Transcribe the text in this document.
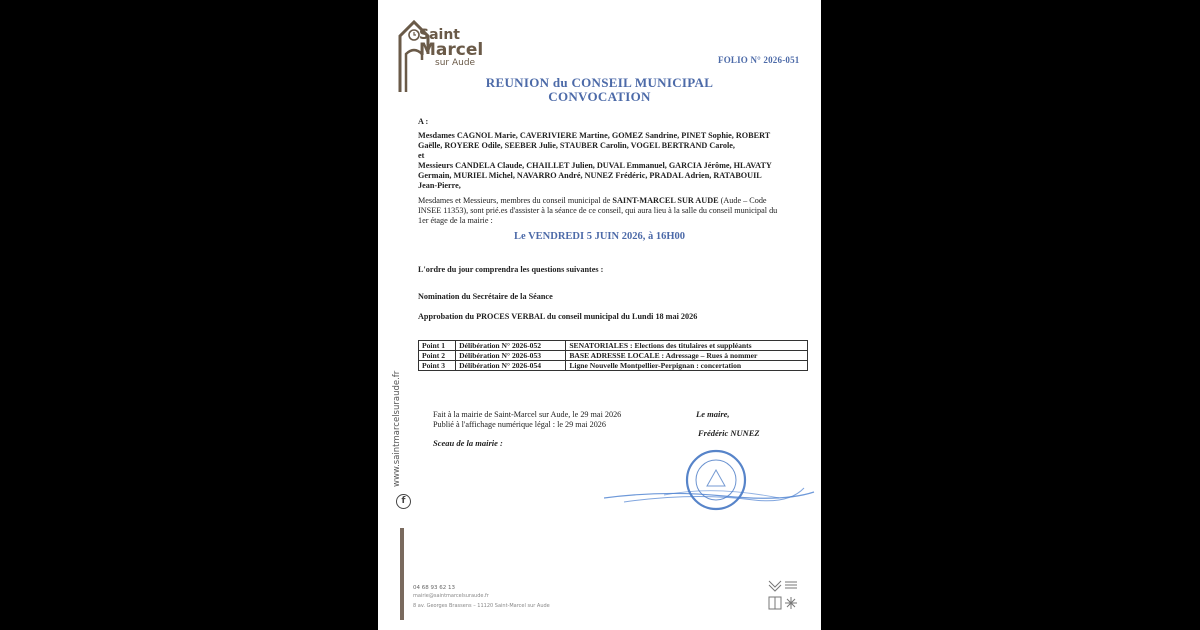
Saint
Marcel
sur Aude	FOLIO N° 2026-051
REUNION du CONSEIL MUNICIPAL
CONVOCATION
A :
Mesdames CAGNOL Marie, CAVERIVIERE Martine, GOMEZ Sandrine, PINET Sophie, ROBERT
Gaëlle, ROYERE Odile, SEEBER Julie, STAUBER Carolin, VOGEL BERTRAND Carole,
et
Messieurs CANDELA Claude, CHAILLET Julien, DUVAL Emmanuel, GARCIA Jérôme, HLAVATY
Germain, MURIEL Michel, NAVARRO André, NUNEZ Frédéric, PRADAL Adrien, RATABOUIL
Jean-Pierre,
Mesdames et Messieurs, membres du conseil municipal de SAINT-MARCEL SUR AUDE (Aude – Code
INSEE 11353), sont prié.es d'assister à la séance de ce conseil, qui aura lieu à la salle du conseil municipal du
1er étage de la mairie :
Le VENDREDI 5 JUIN 2026, à 16H00
L'ordre du jour comprendra les questions suivantes :
Nomination du Secrétaire de la Séance
Approbation du PROCES VERBAL du conseil municipal du Lundi 18 mai 2026
Point 1	Délibération N° 2026-052	SENATORIALES : Elections des titulaires et suppléants
Point 2	Délibération N° 2026-053	BASE ADRESSE LOCALE : Adressage – Rues à nommer
Point 3	Délibération N° 2026-054	Ligne Nouvelle Montpellier-Perpignan : concertation
Fait à la mairie de Saint-Marcel sur Aude, le 29 mai 2026
Publié à l'affichage numérique légal : le 29 mai 2026
Sceau de la mairie :
Le maire,
Frédéric NUNEZ
www.saintmarcelsuraude.fr
f
04 68 93 62 13
mairie@saintmarcelsuraude.fr
8 av. Georges Brassens – 11120 Saint-Marcel sur Aude
